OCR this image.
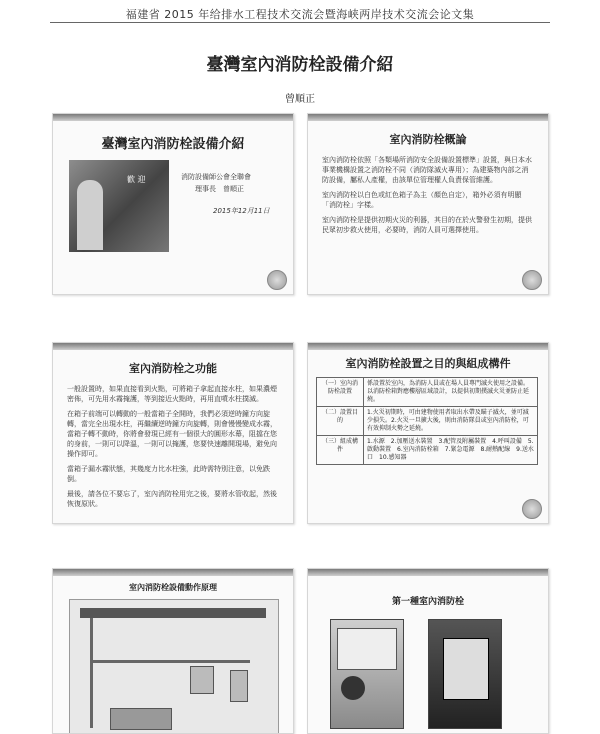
福建省 2015 年给排水工程技术交流会暨海峡两岸技术交流会论文集
臺灣室內消防栓設備介紹
曾順正
臺灣室內消防栓設備介紹
歡 迎	消防設備師公會全聯會
理事長　曾順正
2015年12月11日
室內消防栓概論

室內消防栓依照「各類場所消防安全設備設置標準」設置，與日本水事業機構設置之消防栓不同（消防隊滅火專用）；為建築物內部之消防設備，屬私人產權，由該單位管理權人負責保管維護。

室內消防栓以白色或紅色箱子為主（顏色自定），箱外必須有明顯「消防栓」字樣。

室內消防栓是提供初期火災的利器，其目的在於火警發生初期，提供民眾初步救火使用，必要時，消防人員可選擇使用。

室內消防栓之功能

一般設置時，如果直接看到火點，可將箱子拿起直接水柱，如果濃煙密佈，可先用水霧掩護，等到接近火點時，再用直噴水柱撲滅。

在箱子前端可以轉動的一般當箱子全開時，我們必須逆時鐘方向旋轉，當完全出現水柱，再繼續逆時鐘方向旋轉，則會慢慢變成水霧，當箱子轉不動時，你將會發現已經有一個很大的圓形水幕，阻擋在您的身前，一則可以降溫，一則可以掩護，您要快速離開現場，避免向操作即可。

當箱子漏水霧狀態，其幾度力比水柱強，此時需特別注意，以免跌倒。

最後，請各位不要忘了，室內消防栓用完之後，要將水管收起，然後恢復原狀。

室內消防栓設置之目的與組成構件
（一）室內消防栓設置	係設置於室內，為消防人員或在場人員專門滅火使用之設備。以消防栓箱對應樓層區域設計，以提供初期撲滅火災並防止延燒。
（二）設置目的	1.火災初期時，可由建物使用者取出水帶及瞄子滅火，並可減少損失。2.火災一旦擴大後，則由消防隊員或室內消防栓，可有效抑制火勢之延燒。
（三）組成構件	1.水源　2.加壓送水裝置　3.配管及附屬裝置　4.呼叫設備　5.啟動裝置　6.室內消防栓箱　7.緊急電源　8.耐熱配線　9.送水口　10.感知器
室內消防栓設備動作原理
第一種室內消防栓
